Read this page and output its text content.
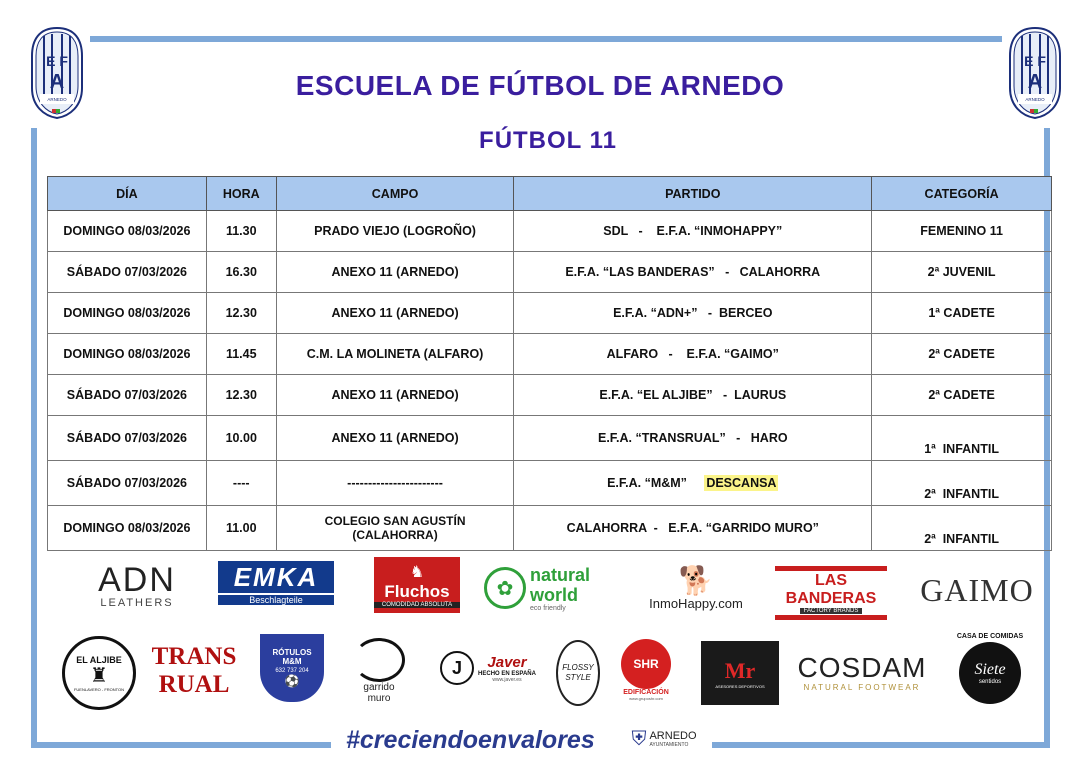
E F
A
ARNEDO
E F
A
ARNEDO
ESCUELA DE FÚTBOL DE ARNEDO
FÚTBOL 11
DÍA	HORA	CAMPO	PARTIDO	CATEGORÍA
DOMINGO 08/03/2026	11.30	PRADO VIEJO (LOGROÑO)	SDL   -    E.F.A. “INMOHAPPY”	FEMENINO 11
SÁBADO 07/03/2026	16.30	ANEXO 11 (ARNEDO)	E.F.A. “LAS BANDERAS”   -   CALAHORRA	2ª JUVENIL
DOMINGO 08/03/2026	12.30	ANEXO 11 (ARNEDO)	E.F.A. “ADN+”   -  BERCEO	1ª CADETE
DOMINGO 08/03/2026	11.45	C.M. LA MOLINETA (ALFARO)	ALFARO   -    E.F.A. “GAIMO”	2ª CADETE
SÁBADO 07/03/2026	12.30	ANEXO 11 (ARNEDO)	E.F.A. “EL ALJIBE”   -  LAURUS	2ª CADETE
SÁBADO 07/03/2026	10.00	ANEXO 11 (ARNEDO)	E.F.A. “TRANSRUAL”   -   HARO	1ª  INFANTIL
SÁBADO 07/03/2026	----	-----------------------	E.F.A. “M&M”     DESCANSA	2ª  INFANTIL
DOMINGO 08/03/2026	11.00	COLEGIO SAN AGUSTÍN (CALAHORRA)	CALAHORRA  -   E.F.A. “GARRIDO MURO”	2ª  INFANTIL
ADN
LEATHERS
EMKA
Beschlagteile
♞
Fluchos
COMODIDAD ABSOLUTA
✿
natural world
eco friendly
🐕
InmoHappy.com
LAS BANDERAS
FACTORY BRANDS
GAIMO
EL ALJIBE
♜
FUENLAVERO - FRONTON
TRANS RUAL
RÓTULOS M&M
632 737 204
⚽	garrido muro
J	Javer
HECHO EN ESPAÑA
www.javer.es
FLOSSY STYLE
SHR
EDIFICACIÓN
www.gruposhr.com
Mr
ASESORES DEPORTIVOS
COSDAM
NATURAL FOOTWEAR
CASA DE COMIDAS
Siete
sentidos
#creciendoenvalores ⛨ ARNEDO
AYUNTAMIENTO
